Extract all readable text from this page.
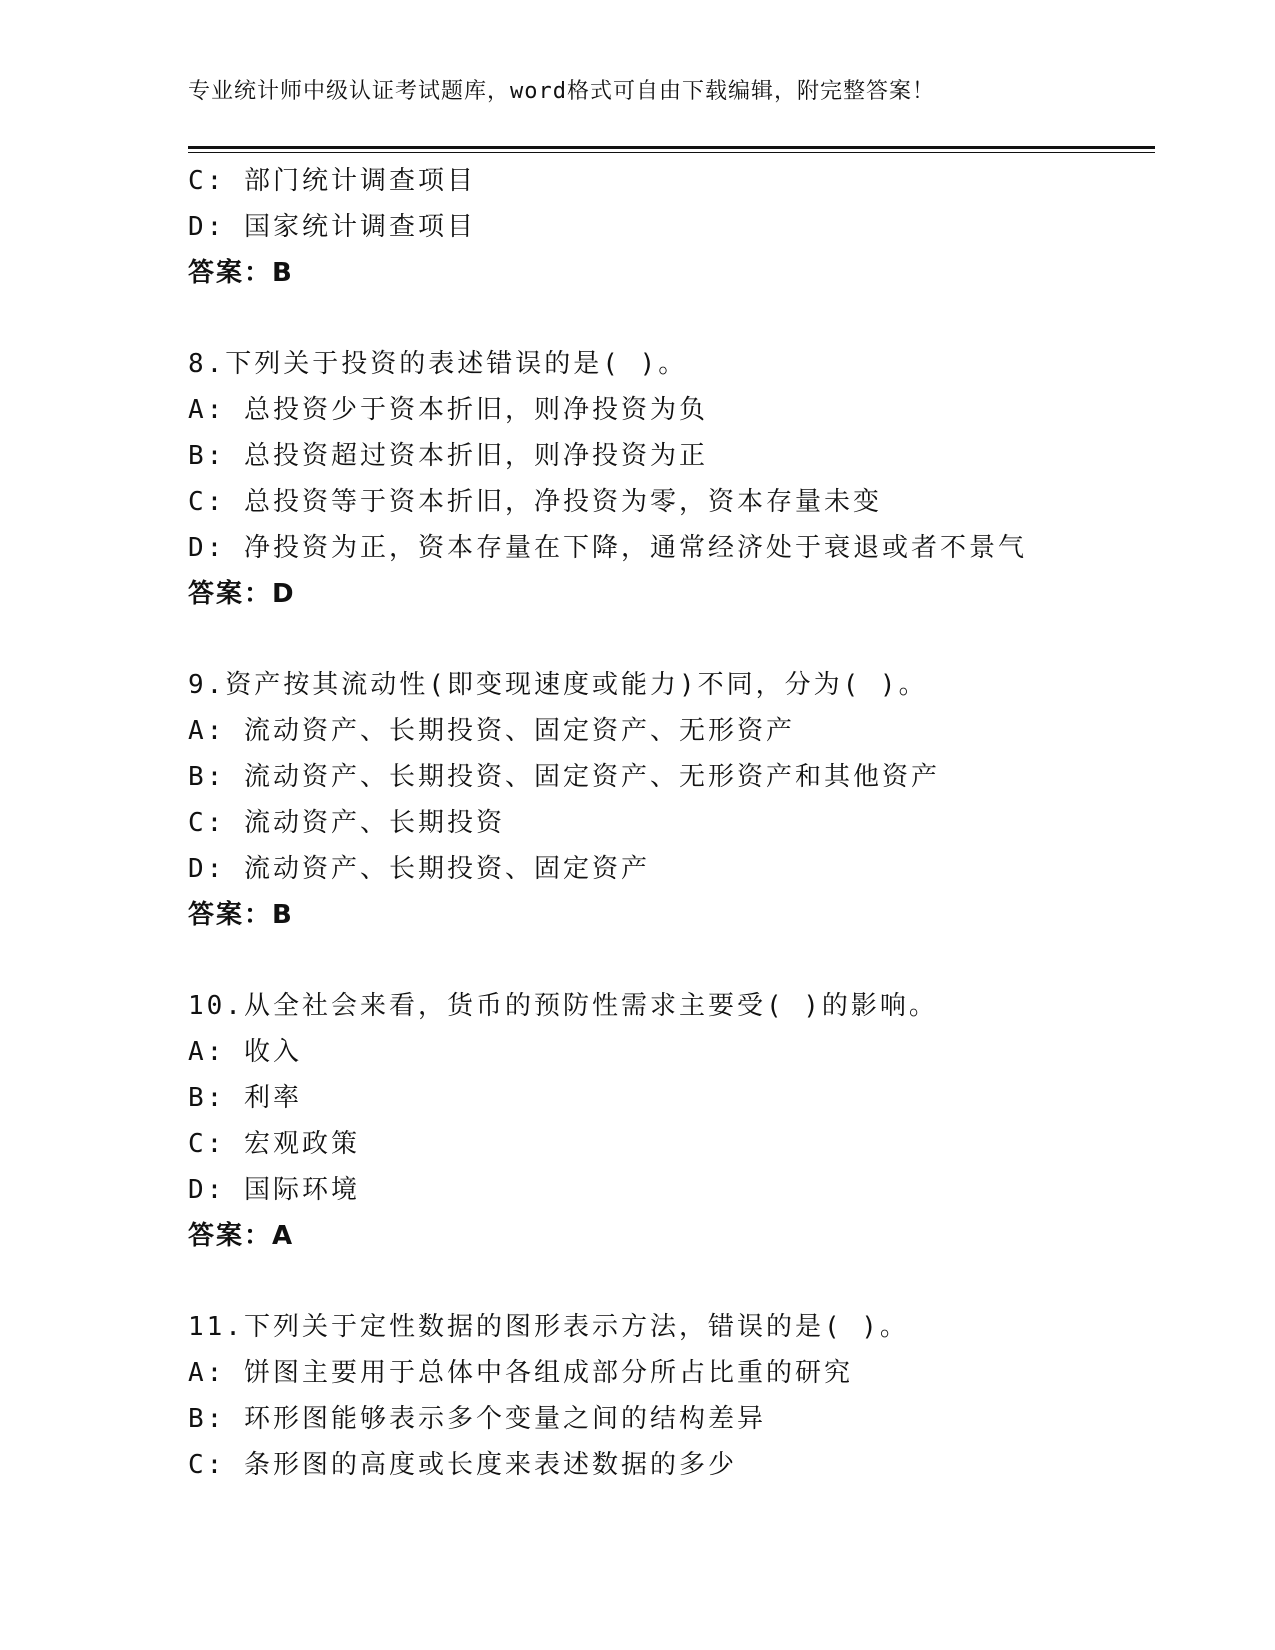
专业统计师中级认证考试题库，word格式可自由下载编辑，附完整答案！
C: 部门统计调查项目
D: 国家统计调查项目
答案：B
8.下列关于投资的表述错误的是( )。
A: 总投资少于资本折旧，则净投资为负
B: 总投资超过资本折旧，则净投资为正
C: 总投资等于资本折旧，净投资为零，资本存量未变
D: 净投资为正，资本存量在下降，通常经济处于衰退或者不景气
答案：D
9.资产按其流动性(即变现速度或能力)不同，分为( )。
A: 流动资产、长期投资、固定资产、无形资产
B: 流动资产、长期投资、固定资产、无形资产和其他资产
C: 流动资产、长期投资
D: 流动资产、长期投资、固定资产
答案：B
10.从全社会来看，货币的预防性需求主要受( )的影响。
A: 收入
B: 利率
C: 宏观政策
D: 国际环境
答案：A
11.下列关于定性数据的图形表示方法，错误的是( )。
A: 饼图主要用于总体中各组成部分所占比重的研究
B: 环形图能够表示多个变量之间的结构差异
C: 条形图的高度或长度来表述数据的多少
